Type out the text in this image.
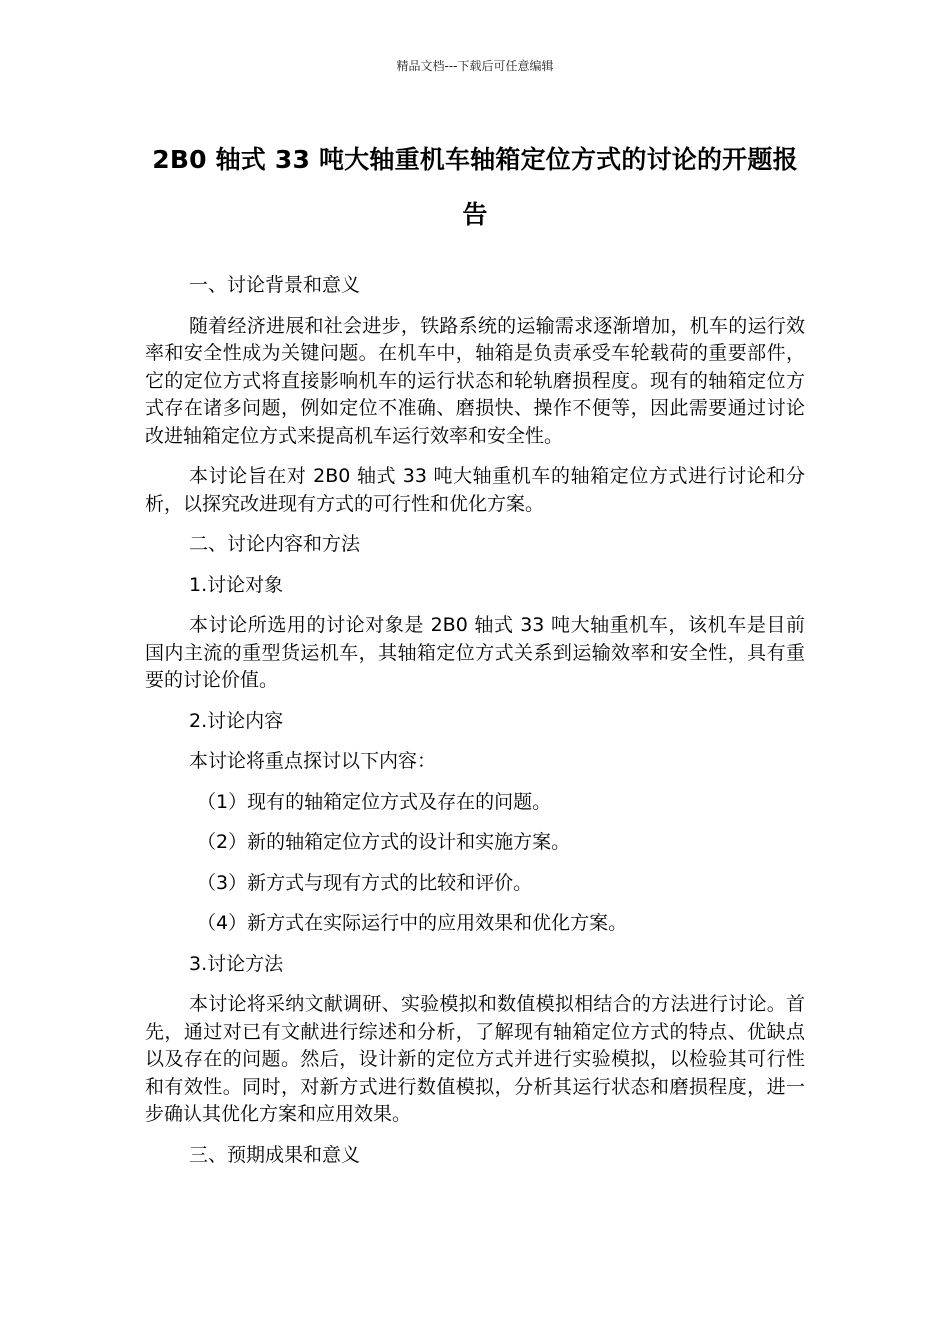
精品文档---下载后可任意编辑
2B0 轴式 33 吨大轴重机车轴箱定位方式的讨论的开题报告
一、讨论背景和意义
随着经济进展和社会进步，铁路系统的运输需求逐渐增加，机车的运行效率和安全性成为关键问题。在机车中，轴箱是负责承受车轮载荷的重要部件，它的定位方式将直接影响机车的运行状态和轮轨磨损程度。现有的轴箱定位方式存在诸多问题，例如定位不准确、磨损快、操作不便等，因此需要通过讨论改进轴箱定位方式来提高机车运行效率和安全性。
本讨论旨在对 2B0 轴式 33 吨大轴重机车的轴箱定位方式进行讨论和分析，以探究改进现有方式的可行性和优化方案。
二、讨论内容和方法
1.讨论对象
本讨论所选用的讨论对象是 2B0 轴式 33 吨大轴重机车，该机车是目前国内主流的重型货运机车，其轴箱定位方式关系到运输效率和安全性，具有重要的讨论价值。
2.讨论内容
本讨论将重点探讨以下内容：
（1）现有的轴箱定位方式及存在的问题。
（2）新的轴箱定位方式的设计和实施方案。
（3）新方式与现有方式的比较和评价。
（4）新方式在实际运行中的应用效果和优化方案。
3.讨论方法
本讨论将采纳文献调研、实验模拟和数值模拟相结合的方法进行讨论。首先，通过对已有文献进行综述和分析，了解现有轴箱定位方式的特点、优缺点以及存在的问题。然后，设计新的定位方式并进行实验模拟，以检验其可行性和有效性。同时，对新方式进行数值模拟，分析其运行状态和磨损程度，进一步确认其优化方案和应用效果。
三、预期成果和意义
